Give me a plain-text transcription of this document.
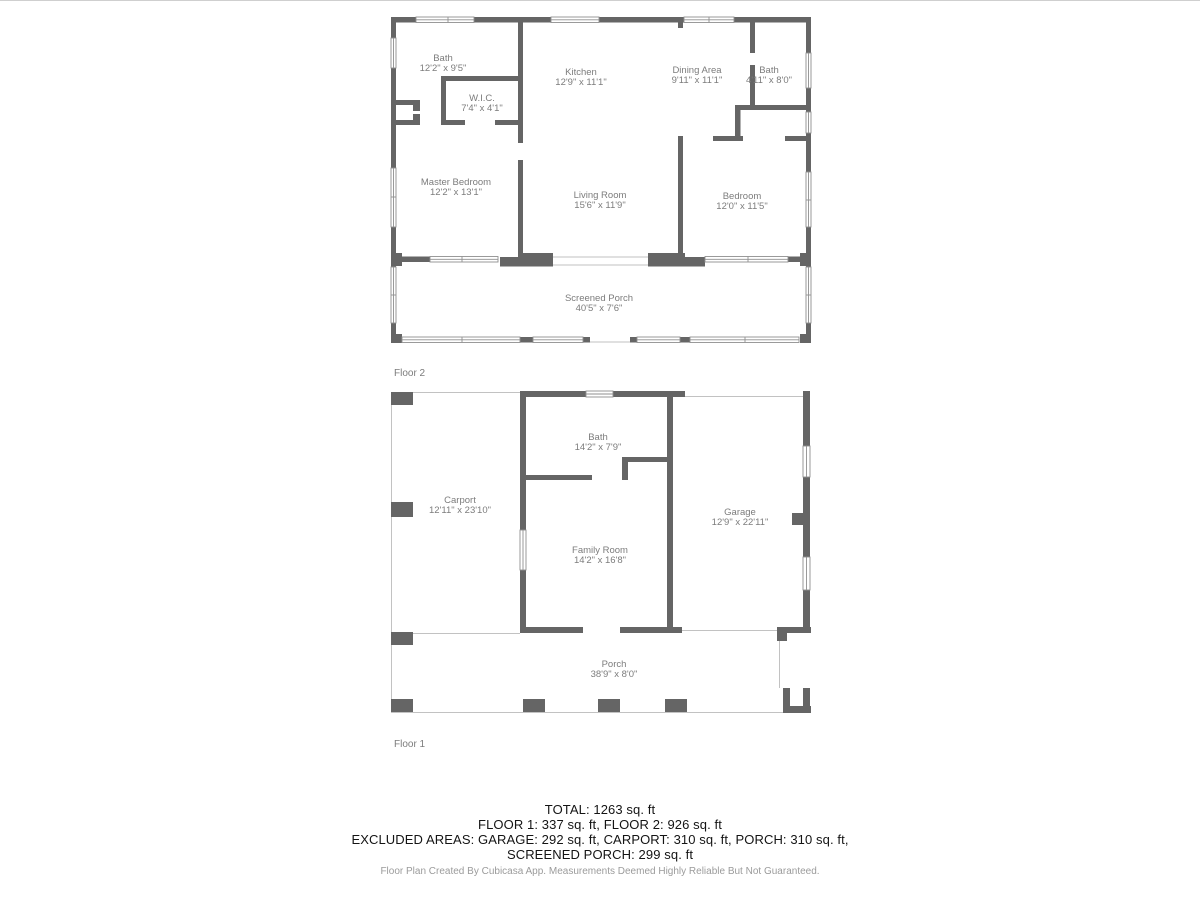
Bath
12'2" x 9'5"
W.I.C.
7'4" x 4'1"
Kitchen
12'9" x 11'1"
Dining Area
9'11" x 11'1"
Bath
4'11" x 8'0"
Master Bedroom
12'2" x 13'1"	Living Room
15'6" x 11'9"
Bedroom
12'0" x 11'5"
Screened Porch
40'5" x 7'6"
Floor 2
Bath
14'2" x 7'9"
Carport
12'11" x 23'10"
Family Room
14'2" x 16'8"
Garage
12'9" x 22'11"
Porch
38'9" x 8'0"
Floor 1
TOTAL: 1263 sq. ft
FLOOR 1: 337 sq. ft, FLOOR 2: 926 sq. ft
EXCLUDED AREAS: GARAGE: 292 sq. ft, CARPORT: 310 sq. ft, PORCH: 310 sq. ft,
SCREENED PORCH: 299 sq. ft
Floor Plan Created By Cubicasa App. Measurements Deemed Highly Reliable But Not Guaranteed.
